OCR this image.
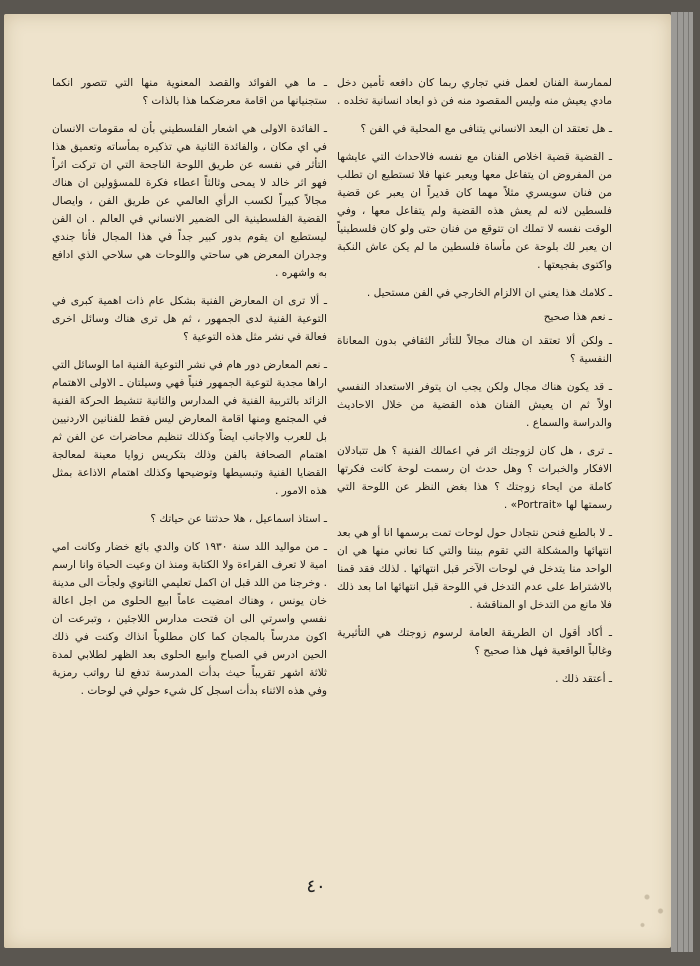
لممارسة الفنان لعمل فني تجاري ربما كان دافعه تأمين دخل مادي يعيش منه وليس المقصود منه فن ذو ابعاد انسانية تخلده .

ـ هل تعتقد ان البعد الانساني يتنافى مع المحلية في الفن ؟

ـ القضية قضية اخلاص الفنان مع نفسه فالاحداث التي عايشها من المفروض ان يتفاعل معها ويعبر عنها فلا تستطيع ان تطلب من فنان سويسري مثلاً مهما كان قديراً ان يعبر عن قضية فلسطين لانه لم يعش هذه القضية ولم يتفاعل معها ، وفي الوقت نفسه لا تملك ان تتوقع من فنان حتى ولو كان فلسطينياً ان يعبر لك بلوحة عن مأساة فلسطين ما لم يكن عاش النكبة واكتوى بفجيعتها .

ـ كلامك هذا يعني ان الالزام الخارجي في الفن مستحيل .

ـ نعم هذا صحيح

ـ ولكن ألا تعتقد ان هناك مجالاً للتأثر الثقافي بدون المعاناة النفسية ؟

ـ قد يكون هناك مجال ولكن يجب ان يتوفر الاستعداد النفسي اولاً ثم ان يعيش الفنان هذه القضية من خلال الاحاديث والدراسة والسماع .

ـ ترى ، هل كان لزوجتك اثر في اعمالك الفنية ؟ هل تتبادلان الافكار والخبرات ؟ وهل حدث ان رسمت لوحة كانت فكرتها كاملة من ايحاء زوجتك ؟ هذا بغض النظر عن اللوحة التي رسمتها لها «Portrait» .

ـ لا بالطبع فنحن نتجادل حول لوحات تمت برسمها انا أو هي بعد انتهائها والمشكلة التي تقوم بيننا والتي كنا نعاني منها هي ان الواحد منا يتدخل في لوحات الآخر قبل انتهائها . لذلك فقد قمنا بالاشتراط على عدم التدخل في اللوحة قبل انتهائها اما بعد ذلك فلا مانع من التدخل او المناقشة .

ـ أكاد أقول ان الطريقة العامة لرسوم زوجتك هي التأثيرية وغالباً الواقعية فهل هذا صحيح ؟

ـ أعتقد ذلك .

ـ ما هي الفوائد والقصد المعنوية منها التي تتصور انكما ستجنيانها من اقامة معرضكما هذا بالذات ؟

ـ الفائدة الاولى هي اشعار الفلسطيني بأن له مقومات الانسان في اي مكان ، والفائدة الثانية هي تذكيره بمأساته وتعميق هذا التأثر في نفسه عن طريق اللوحة الناجحة التي ان تركت اثراً فهو اثر خالد لا يمحى وثالثاً اعطاء فكرة للمسؤولين ان هناك مجالاً كبيراً لكسب الرأي العالمي عن طريق الفن ، وايصال القضية الفلسطينية الى الضمير الانساني في العالم . ان الفن ليستطيع ان يقوم بدور كبير جداً في هذا المجال فأنا جندي وجدران المعرض هي ساحتي واللوحات هي سلاحي الذي ادافع به واشهره .

ـ ألا ترى ان المعارض الفنية بشكل عام ذات اهمية كبرى في التوعية الفنية لدى الجمهور ، ثم هل ترى هناك وسائل اخرى فعالة في نشر مثل هذه التوعية ؟

ـ نعم المعارض دور هام في نشر التوعية الفنية اما الوسائل التي اراها مجدية لتوعية الجمهور فنياً فهي وسيلتان ـ الاولى الاهتمام الزائد بالتربية الفنية في المدارس والثانية تنشيط الحركة الفنية في المجتمع ومنها اقامة المعارض ليس فقط للفنانين الاردنيين بل للعرب والاجانب ايضاً وكذلك تنظيم محاضرات عن الفن ثم اهتمام الصحافة بالفن وذلك بتكريس زوايا معينة لمعالجة القضايا الفنية وتبسيطها وتوضيحها وكذلك اهتمام الاذاعة بمثل هذه الامور .

ـ استاذ اسماعيل ، هلا حدثتنا عن حياتك ؟

ـ من مواليد اللد سنة ١٩٣٠ كان والدي بائع خضار وكانت امي امية لا تعرف القراءة ولا الكتابة ومنذ ان وعيت الحياة وانا ارسم . وخرجنا من اللد قبل ان اكمل تعليمي الثانوي ولجأت الى مدينة خان يونس ، وهناك امضيت عاماً ابيع الحلوى من اجل اعالة نفسي واسرتي الى ان فتحت مدارس اللاجئين ، وتبرعت ان اكون مدرساً بالمجان كما كان مطلوباً انذاك وكنت في ذلك الحين ادرس في الصباح وابيع الحلوى بعد الظهر لطلابي لمدة ثلاثة اشهر تقريباً حيث بدأت المدرسة تدفع لنا رواتب رمزية وفي هذه الاثناء بدأت اسجل كل شيء حولي في لوحات .

٤٠
